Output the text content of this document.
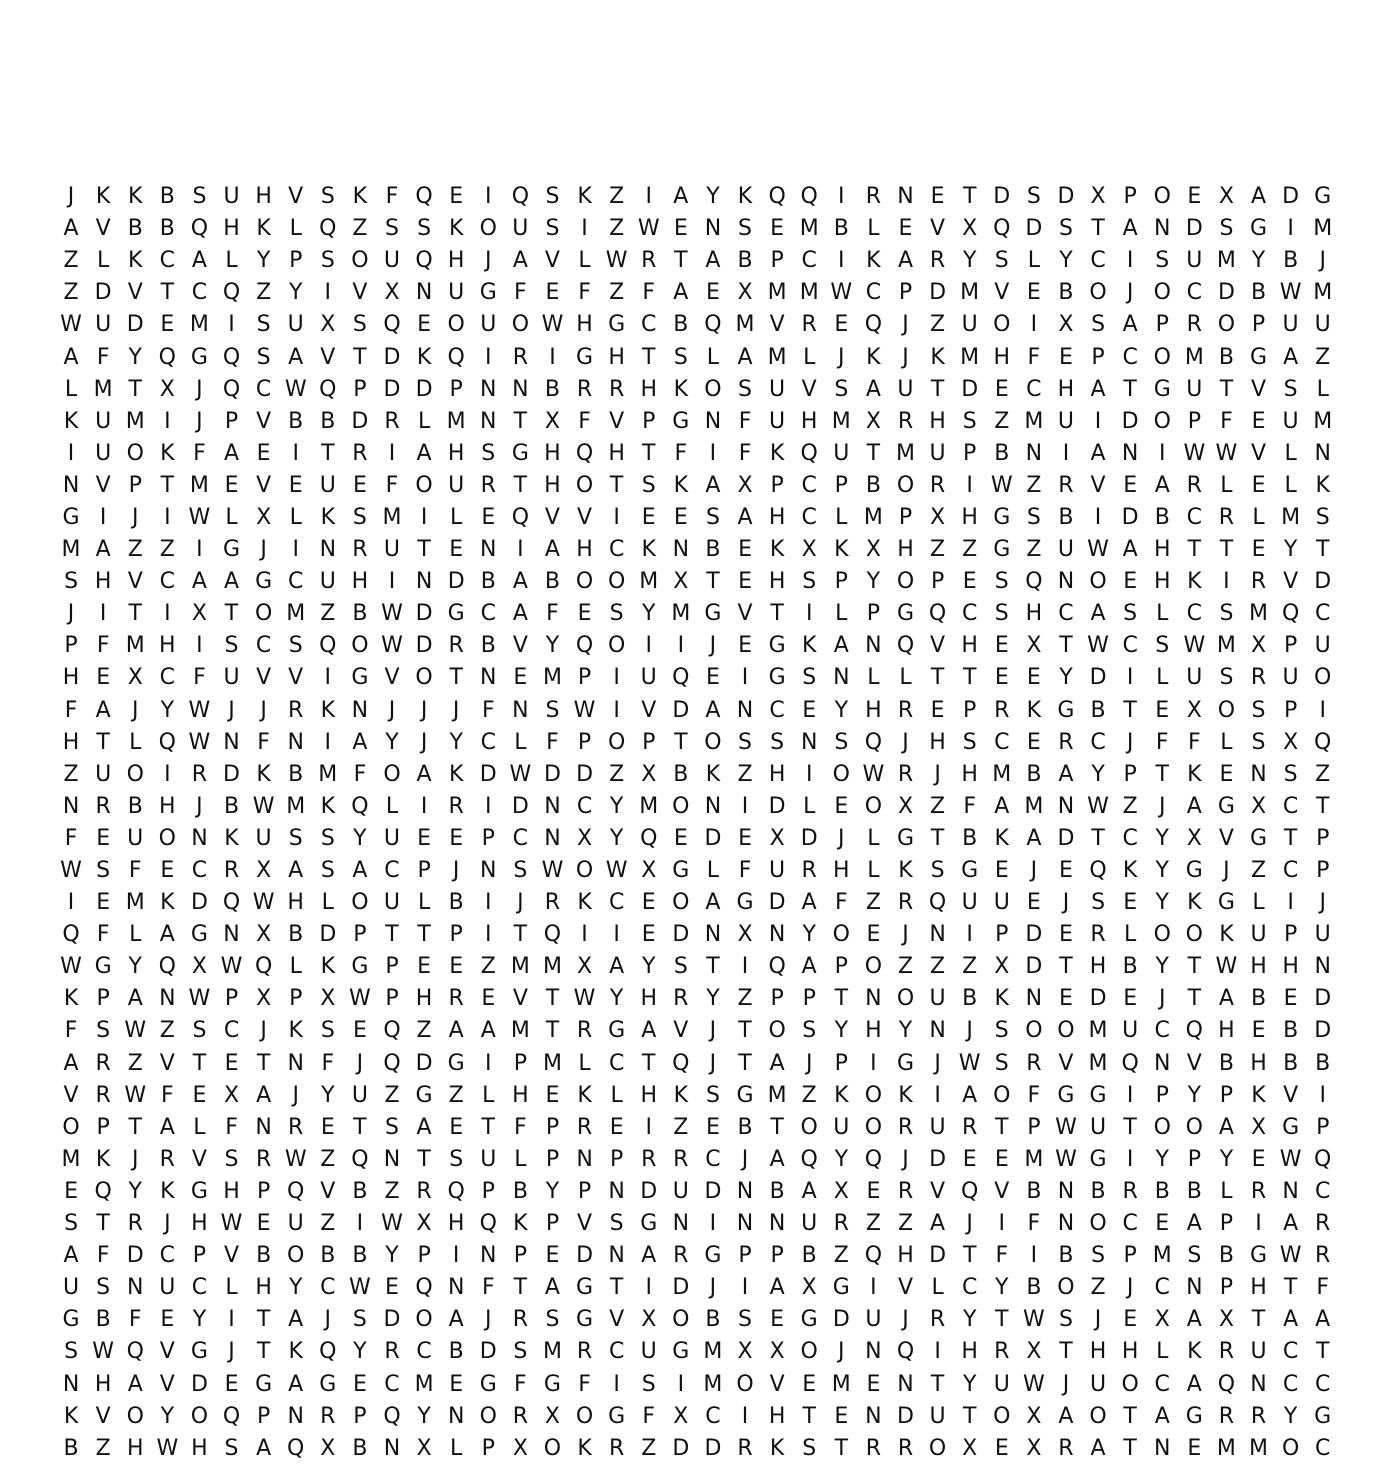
J K K B S U H V S K F Q E I Q S K Z I A Y K Q Q I R N E T D S D X P O E X A D G
A V B B Q H K L Q Z S S K O U S I Z W E N S E M B L E V X Q D S T A N D S G I M
Z L K C A L Y P S O U Q H J A V L W R T A B P C I K A R Y S L Y C I S U M Y B J
Z D V T C Q Z Y	I V X N U G F E F Z F A E X M M W C P D M V E B O J O C D B W M
W U D E M I S U X S Q E O U O W H G C B Q M V R E Q J Z U O I X S A P R O P U U
A F Y Q G Q S A V T D K Q I R I G H T S L A M L	J K J K M H F E P C O M B G A Z
L M T X J Q C W Q P D D P N N B R R H K O S U V S A U T D E C H A T G U T V S L
K U M I	J	P V B B D R L M N T X F V P G N F U H M X R H S Z M U I D O P F E U M
I U O K F A E I	T R I A H S G H Q H T F	I	F K Q U T M U P B N I A N I W W V L N
N V P T M E V E U E F O U R T H O T S K A X P C P B O R I W Z R V E A R L E L K
G I	J	I W L X L K S M I	L E Q V V I E E S A H C L M P X H G S B I D B C R L M S
M A Z Z I G J	I N R U T E N I A H C K N B E K X K X H Z Z G Z U W A H T T E Y T
S H V C A A G C U H I N D B A B O O M X T E H S P Y O P E S Q N O E H K I R V D
J	I	T	I X T O M Z B W D G C A F E S Y M G V T	I	L P G Q C S H C A S L C S M Q C
P F M H I S C S Q O W D R B V Y Q O I	I	J E G K A N Q V H E X T W C S W M X P U
H E X C F U V V I G V O T N E M P	I U Q E I G S N L L T T E E Y D I	L U S R U O
F A J	Y W J	J R K N J	J	J	F N S W I V D A N C E Y H R E P R K G B T E X O S P	I
H T L Q W N F N I A Y	J	Y C L F P O P T O S S N S Q J H S C E R C J	F F L S X Q
Z U O I R D K B M F O A K D W D D Z X B K Z H I O W R J H M B A Y P T K E N S Z
N R B H J B W M K Q L	I R I D N C Y M O N I D L E O X Z F A M N W Z J A G X C T
F E U O N K U S S Y U E E P C N X Y Q E D E X D J	L G T B K A D T C Y X V G T P
W S F E C R X A S A C P	J N S W O W X G L F U R H L K S G E J E Q K Y G J Z C P
I E M K D Q W H L O U L B I	J R K C E O A G D A F Z R Q U U E J S E Y K G L	I	J
Q F L A G N X B D P T T P	I	T Q I	I E D N X N Y O E J N I	P D E R L O O K U P U
W G Y Q X W Q L K G P E E Z M M X A Y S T	I Q A P O Z Z Z X D T H B Y T W H H N
K P A N W P X P X W P H R E V T W Y H R Y Z P P T N O U B K N E D E J	T A B E D
F S W Z S C J K S E Q Z A A M T R G A V J	T O S Y H Y N J S O O M U C Q H E B D
A R Z V T E T N F	J Q D G I	P M L C T Q J	T A J	P	I G J W S R V M Q N V B H B B
V R W F E X A J	Y U Z G Z L H E K L H K S G M Z K O K I A O F G G I	P Y P K V I
O P T A L F N R E T S A E T F P R E I Z E B T O U O R U R T P W U T O O A X G P
M K J R V S R W Z Q N T S U L P N P R R C J A Q Y Q J D E E M W G I	Y P Y E W Q
E Q Y K G H P Q V B Z R Q P B Y P N D U D N B A X E R V Q V B N B R B B L R N C
S T R J H W E U Z I W X H Q K P V S G N I N N U R Z Z A J	I	F N O C E A P	I A R
A F D C P V B O B B Y P	I N P E D N A R G P P B Z Q H D T F	I B S P M S B G W R
U S N U C L H Y C W E Q N F T A G T	I D J	I A X G I V L C Y B O Z J C N P H T F
G B F E Y	I	T A J S D O A J R S G V X O B S E G D U J R Y T W S J E X A X T A A
S W Q V G J	T K Q Y R C B D S M R C U G M X X O J N Q I H R X T H H L K R U C T
N H A V D E G A G E C M E G F G F	I S I M O V E M E N T Y U W J U O C A Q N C C
K V O Y O Q P N R P Q Y N O R X O G F X C I H T E N D U T O X A O T A G R R Y G
B Z H W H S A Q X B N X L P X O K R Z D D R K S T R R O X E X R A T N E M M O C
